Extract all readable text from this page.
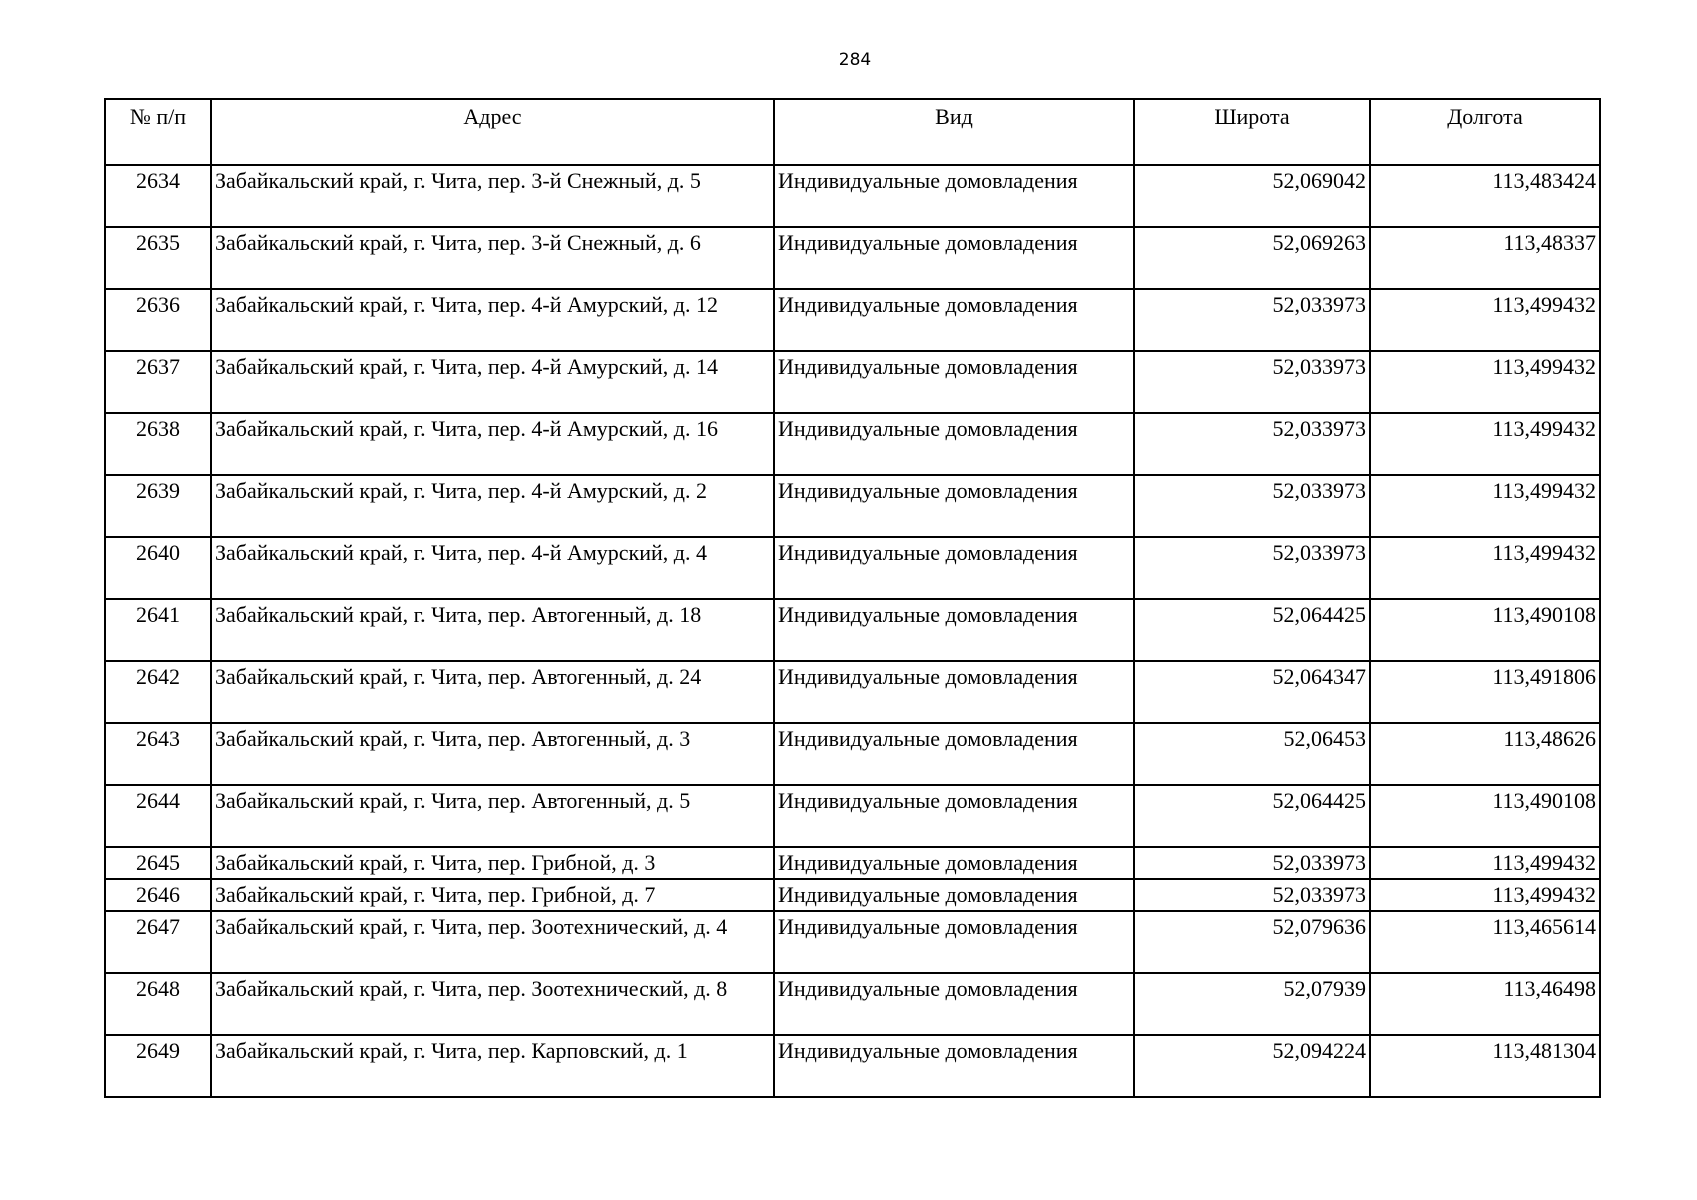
284
№ п/п	Адрес	Вид	Широта	Долгота
2634	Забайкальский край, г. Чита, пер. 3-й Снежный, д. 5	Индивидуальные домовладения	52,069042	113,483424
2635	Забайкальский край, г. Чита, пер. 3-й Снежный, д. 6	Индивидуальные домовладения	52,069263	113,48337
2636	Забайкальский край, г. Чита, пер. 4-й Амурский, д. 12	Индивидуальные домовладения	52,033973	113,499432
2637	Забайкальский край, г. Чита, пер. 4-й Амурский, д. 14	Индивидуальные домовладения	52,033973	113,499432
2638	Забайкальский край, г. Чита, пер. 4-й Амурский, д. 16	Индивидуальные домовладения	52,033973	113,499432
2639	Забайкальский край, г. Чита, пер. 4-й Амурский, д. 2	Индивидуальные домовладения	52,033973	113,499432
2640	Забайкальский край, г. Чита, пер. 4-й Амурский, д. 4	Индивидуальные домовладения	52,033973	113,499432
2641	Забайкальский край, г. Чита, пер. Автогенный, д. 18	Индивидуальные домовладения	52,064425	113,490108
2642	Забайкальский край, г. Чита, пер. Автогенный, д. 24	Индивидуальные домовладения	52,064347	113,491806
2643	Забайкальский край, г. Чита, пер. Автогенный, д. 3	Индивидуальные домовладения	52,06453	113,48626
2644	Забайкальский край, г. Чита, пер. Автогенный, д. 5	Индивидуальные домовладения	52,064425	113,490108
2645	Забайкальский край, г. Чита, пер. Грибной, д. 3	Индивидуальные домовладения	52,033973	113,499432
2646	Забайкальский край, г. Чита, пер. Грибной, д. 7	Индивидуальные домовладения	52,033973	113,499432
2647	Забайкальский край, г. Чита, пер. Зоотехнический, д. 4	Индивидуальные домовладения	52,079636	113,465614
2648	Забайкальский край, г. Чита, пер. Зоотехнический, д. 8	Индивидуальные домовладения	52,07939	113,46498
2649	Забайкальский край, г. Чита, пер. Карповский, д. 1	Индивидуальные домовладения	52,094224	113,481304
